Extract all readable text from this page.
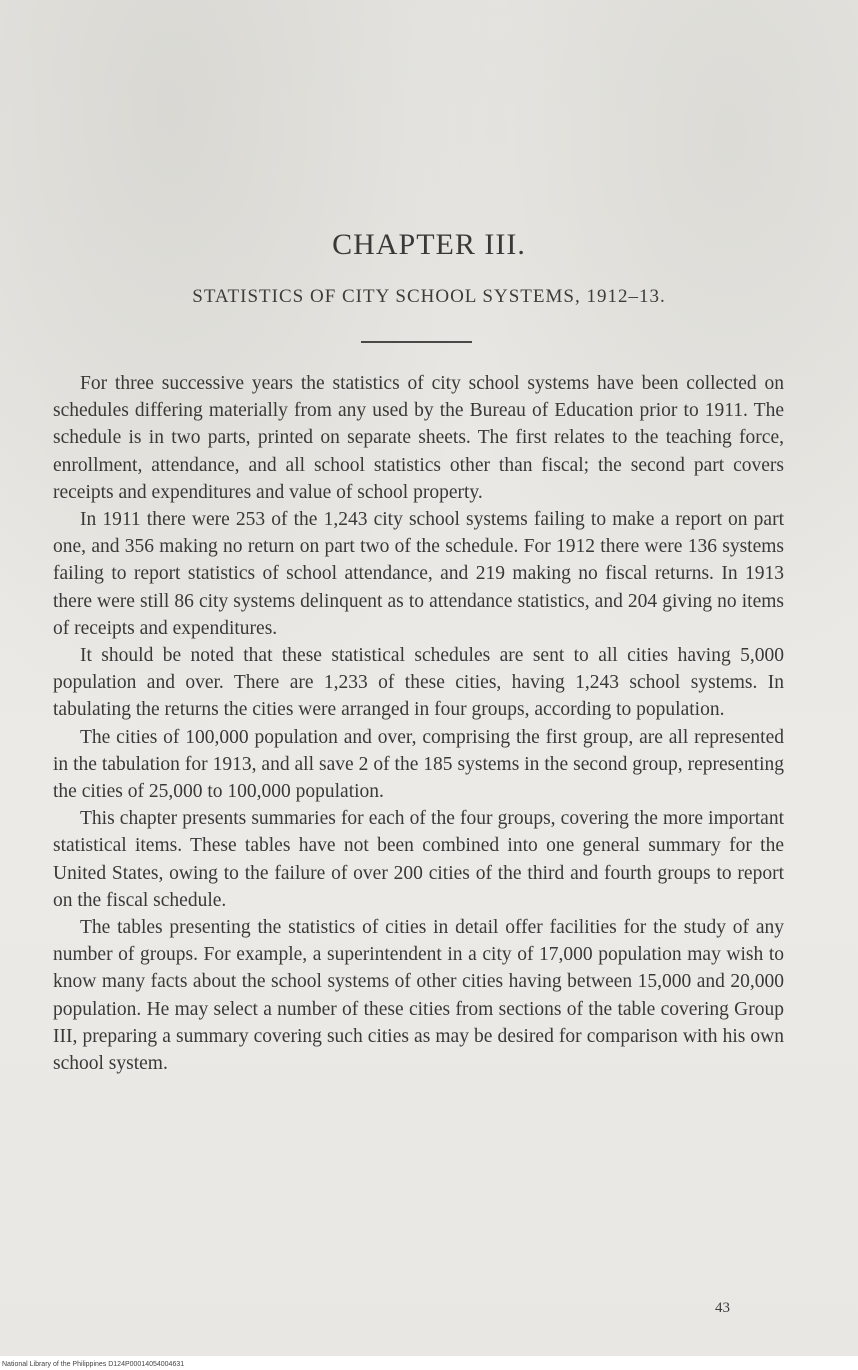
CHAPTER III.
STATISTICS OF CITY SCHOOL SYSTEMS, 1912–13.

For three successive years the statistics of city school systems have been collected on schedules differing materially from any used by the Bureau of Education prior to 1911. The schedule is in two parts, printed on separate sheets. The first relates to the teaching force, enrollment, attendance, and all school statistics other than fiscal; the second part covers receipts and expenditures and value of school property.

In 1911 there were 253 of the 1,243 city school systems failing to make a report on part one, and 356 making no return on part two of the schedule. For 1912 there were 136 systems failing to report statistics of school attendance, and 219 making no fiscal returns. In 1913 there were still 86 city systems delinquent as to attendance statistics, and 204 giving no items of receipts and expenditures.

It should be noted that these statistical schedules are sent to all cities having 5,000 population and over. There are 1,233 of these cities, having 1,243 school systems. In tabulating the returns the cities were arranged in four groups, according to population.

The cities of 100,000 population and over, comprising the first group, are all represented in the tabulation for 1913, and all save 2 of the 185 systems in the second group, representing the cities of 25,000 to 100,000 population.

This chapter presents summaries for each of the four groups, covering the more important statistical items. These tables have not been combined into one general summary for the United States, owing to the failure of over 200 cities of the third and fourth groups to report on the fiscal schedule.

The tables presenting the statistics of cities in detail offer facilities for the study of any number of groups. For example, a superintendent in a city of 17,000 population may wish to know many facts about the school systems of other cities having between 15,000 and 20,000 population. He may select a number of these cities from sections of the table covering Group III, preparing a summary covering such cities as may be desired for comparison with his own school system.

43
National Library of the Philippines D124P0001405400463​1
